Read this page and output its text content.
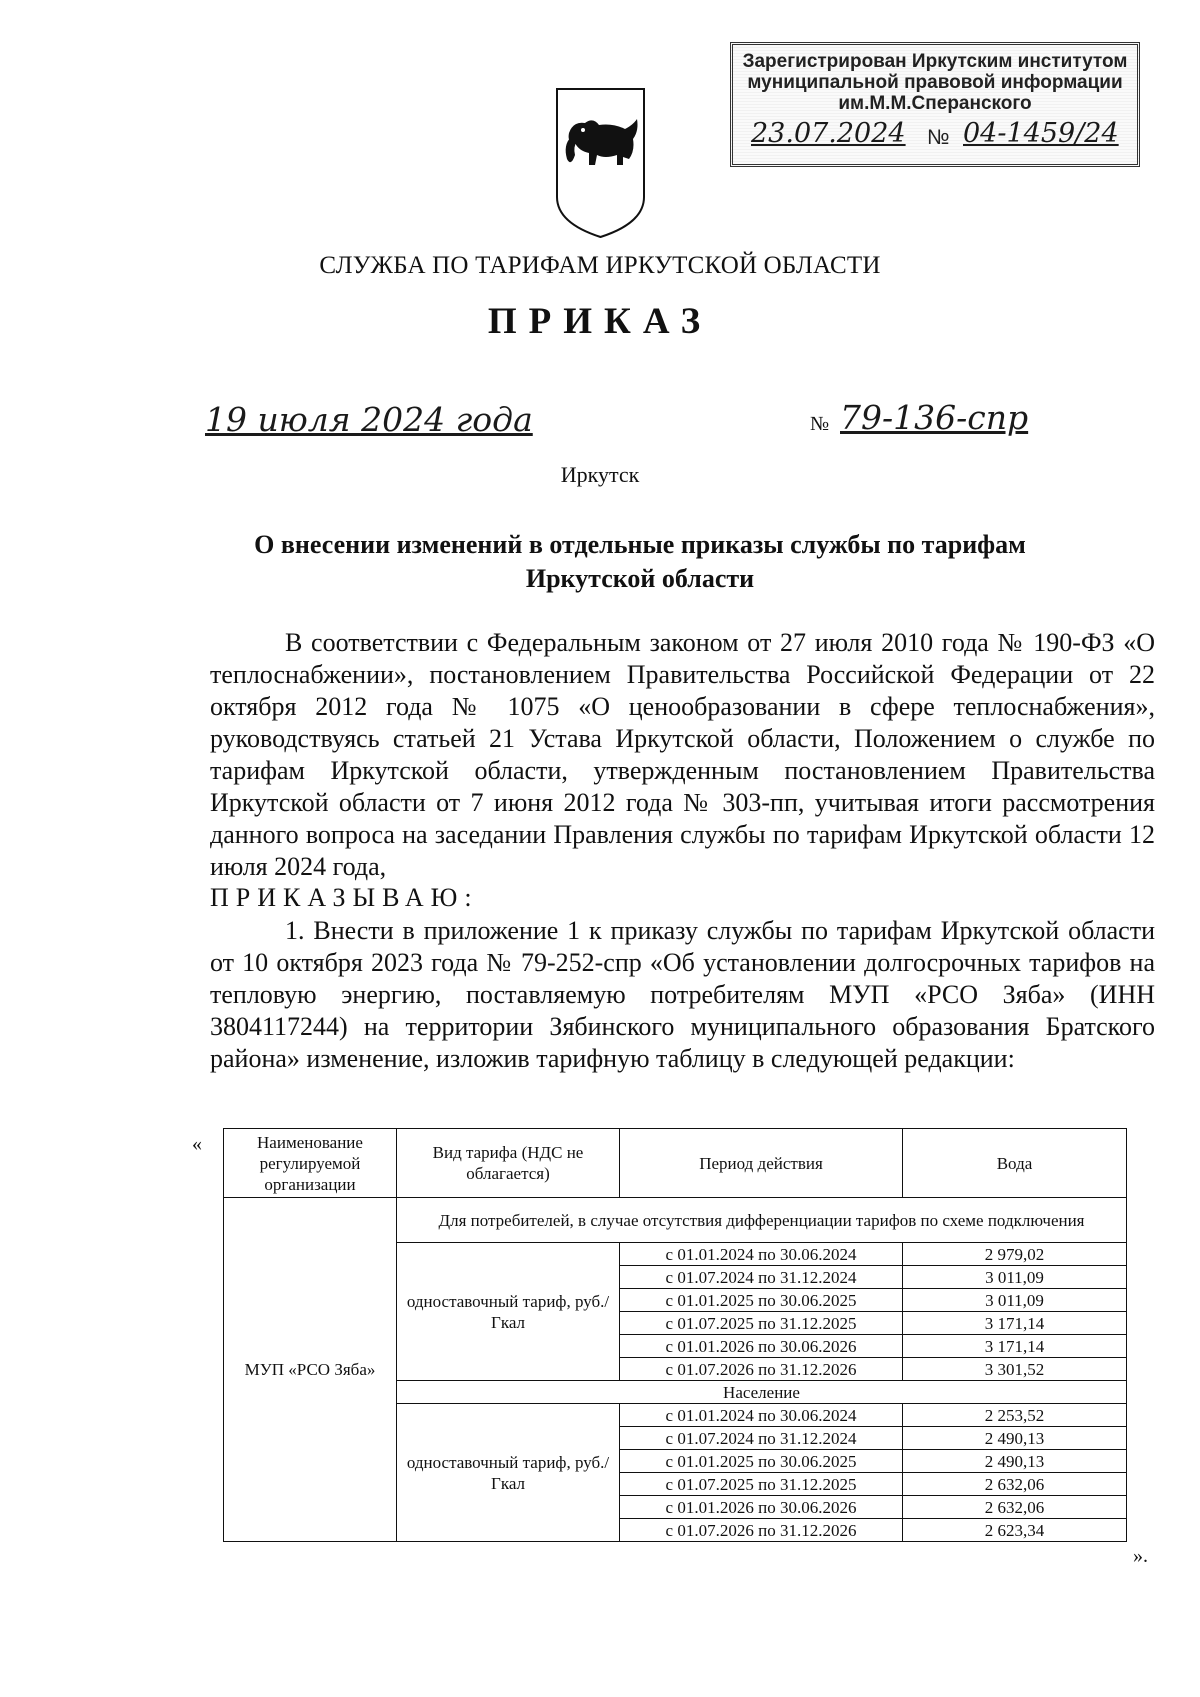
Зарегистрирован Иркутским институтом
муниципальной правовой информации
им.М.М.Сперанского
23.07.2024 № 04-1459/24
СЛУЖБА ПО ТАРИФАМ ИРКУТСКОЙ ОБЛАСТИ
ПРИКАЗ
19 июля 2024 года	№ 79-136-спр
Иркутск
О внесении изменений в отдельные приказы службы по тарифам Иркутской области
В соответствии с Федеральным законом от 27 июля 2010 года № 190-ФЗ «О теплоснабжении», постановлением Правительства Российской Федерации от 22 октября 2012 года № 1075 «О ценообразовании в сфере теплоснабжения», руководствуясь статьей 21 Устава Иркутской области, Положением о службе по тарифам Иркутской области, утвержденным постановлением Правительства Иркутской области от 7 июня 2012 года № 303-пп, учитывая итоги рассмотрения данного вопроса на заседании Правления службы по тарифам Иркутской области 12 июля 2024 года,
ПРИКАЗЫВАЮ:
1. Внести в приложение 1 к приказу службы по тарифам Иркутской области от 10 октября 2023 года № 79-252-спр «Об установлении долгосрочных тарифов на тепловую энергию, поставляемую потребителям МУП «РСО Зяба» (ИНН 3804117244) на территории Зябинского муниципального образования Братского района» изменение, изложив тарифную таблицу в следующей редакции:
«	Наименование регулируемой организации	Вид тарифа (НДС не облагается)	Период действия	Вода
МУП «РСО Зяба»	Для потребителей, в случае отсутствия дифференциации тарифов по схеме подключения		
	одноставочный тариф, руб./Гкал	с 01.01.2024 по 30.06.2024	2 979,02
		с 01.07.2024 по 31.12.2024	3 011,09
		с 01.01.2025 по 30.06.2025	3 011,09
		с 01.07.2025 по 31.12.2025	3 171,14
		с 01.01.2026 по 30.06.2026	3 171,14
		с 01.07.2026 по 31.12.2026	3 301,52
	Население		
	одноставочный тариф, руб./Гкал	с 01.01.2024 по 30.06.2024	2 253,52
		с 01.07.2024 по 31.12.2024	2 490,13
		с 01.01.2025 по 30.06.2025	2 490,13
		с 01.07.2025 по 31.12.2025	2 632,06
		с 01.01.2026 по 30.06.2026	2 632,06
		с 01.07.2026 по 31.12.2026	2 623,34
».
